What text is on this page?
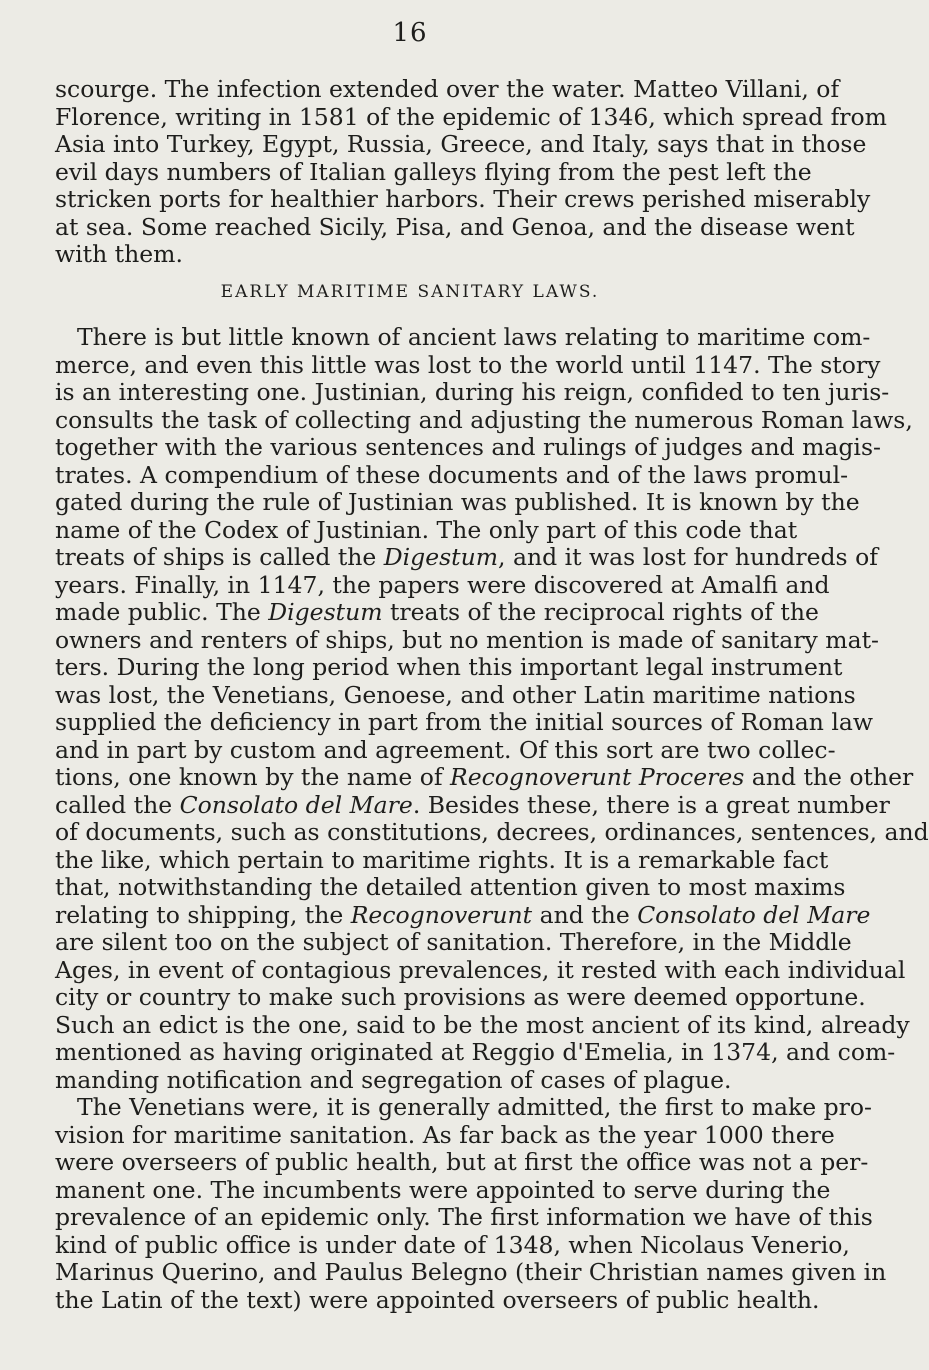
16

scourge. The infection extended over the water. Matteo Villani, of
Florence, writing in 1581 of the epidemic of 1346, which spread from
Asia into Turkey, Egypt, Russia, Greece, and Italy, says that in those
evil days numbers of Italian galleys flying from the pest left the
stricken ports for healthier harbors. Their crews perished miserably
at sea. Some reached Sicily, Pisa, and Genoa, and the disease went
with them.

EARLY MARITIME SANITARY LAWS.

There is but little known of ancient laws relating to maritime com-
merce, and even this little was lost to the world until 1147. The story
is an interesting one. Justinian, during his reign, confided to ten juris-
consults the task of collecting and adjusting the numerous Roman laws,
together with the various sentences and rulings of judges and magis-
trates. A compendium of these documents and of the laws promul-
gated during the rule of Justinian was published. It is known by the
name of the Codex of Justinian. The only part of this code that
treats of ships is called the Digestum, and it was lost for hundreds of
years. Finally, in 1147, the papers were discovered at Amalfi and
made public. The Digestum treats of the reciprocal rights of the
owners and renters of ships, but no mention is made of sanitary mat-
ters. During the long period when this important legal instrument
was lost, the Venetians, Genoese, and other Latin maritime nations
supplied the deficiency in part from the initial sources of Roman law
and in part by custom and agreement. Of this sort are two collec-
tions, one known by the name of Recognoverunt Proceres and the other
called the Consolato del Mare. Besides these, there is a great number
of documents, such as constitutions, decrees, ordinances, sentences, and
the like, which pertain to maritime rights. It is a remarkable fact
that, notwithstanding the detailed attention given to most maxims
relating to shipping, the Recognoverunt and the Consolato del Mare
are silent too on the subject of sanitation. Therefore, in the Middle
Ages, in event of contagious prevalences, it rested with each individual
city or country to make such provisions as were deemed opportune.
Such an edict is the one, said to be the most ancient of its kind, already
mentioned as having originated at Reggio d'Emelia, in 1374, and com-
manding notification and segregation of cases of plague.

The Venetians were, it is generally admitted, the first to make pro-
vision for maritime sanitation. As far back as the year 1000 there
were overseers of public health, but at first the office was not a per-
manent one. The incumbents were appointed to serve during the
prevalence of an epidemic only. The first information we have of this
kind of public office is under date of 1348, when Nicolaus Venerio,
Marinus Querino, and Paulus Belegno (their Christian names given in
the Latin of the text) were appointed overseers of public health.
